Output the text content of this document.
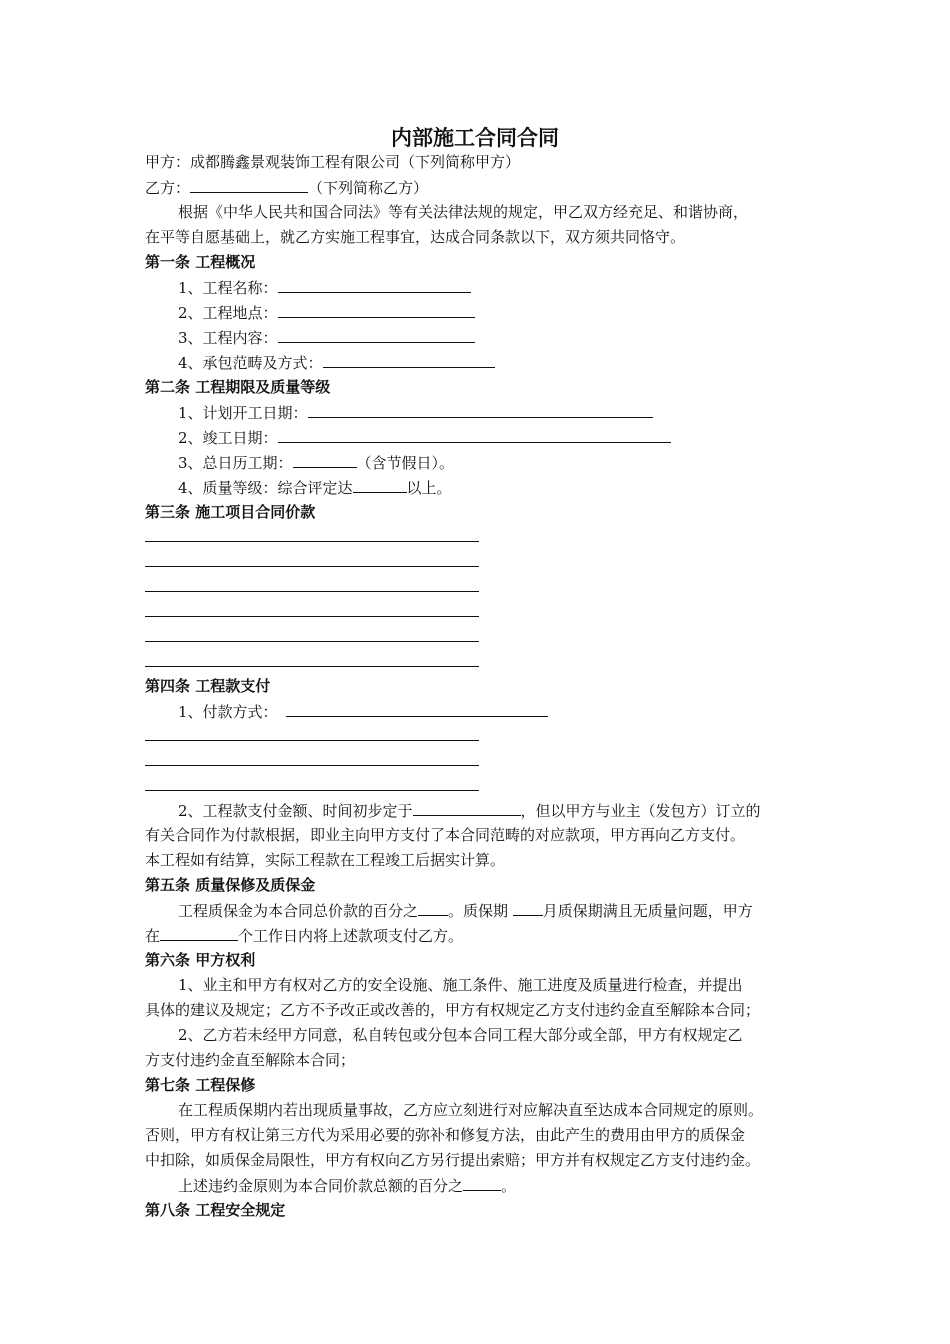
内部施工合同合同
甲方：成都腾鑫景观装饰工程有限公司（下列简称甲方）
乙方：	（下列简称乙方）
根据《中华人民共和国合同法》等有关法律法规的规定，甲乙双方经充足、和谐协商，
在平等自愿基础上，就乙方实施工程事宜，达成合同条款以下，双方须共同恪守。
第一条 工程概况
1、工程名称：
2、工程地点：
3、工程内容：
4、承包范畴及方式：
第二条 工程期限及质量等级
1、计划开工日期：
2、竣工日期：
3、总日历工期：	（含节假日）。
4、质量等级：综合评定达	以上。
第三条 施工项目合同价款
第四条 工程款支付
1、付款方式：
2、工程款支付金额、时间初步定于	，但以甲方与业主（发包方）订立的
有关合同作为付款根据，即业主向甲方支付了本合同范畴的对应款项，甲方再向乙方支付。
本工程如有结算，实际工程款在工程竣工后据实计算。
第五条 质量保修及质保金
工程质保金为本合同总价款的百分之 。质保期 月质保期满且无质量问题，甲方
在	个工作日内将上述款项支付乙方。
第六条 甲方权利
1、业主和甲方有权对乙方的安全设施、施工条件、施工进度及质量进行检查，并提出
具体的建议及规定；乙方不予改正或改善的，甲方有权规定乙方支付违约金直至解除本合同；
2、乙方若未经甲方同意，私自转包或分包本合同工程大部分或全部，甲方有权规定乙
方支付违约金直至解除本合同；
第七条 工程保修
在工程质保期内若出现质量事故，乙方应立刻进行对应解决直至达成本合同规定的原则。
否则，甲方有权让第三方代为采用必要的弥补和修复方法，由此产生的费用由甲方的质保金
中扣除，如质保金局限性，甲方有权向乙方另行提出索赔；甲方并有权规定乙方支付违约金。
上述违约金原则为本合同价款总额的百分之	。
第八条 工程安全规定
